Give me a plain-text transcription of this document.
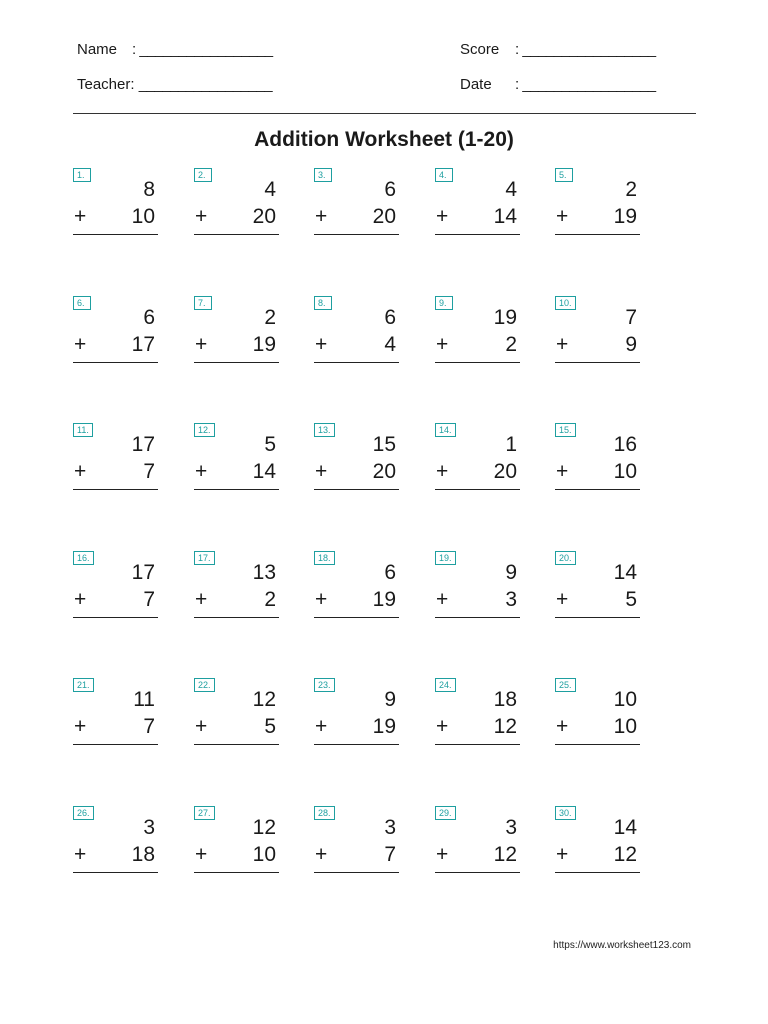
Name : _________________
Teacher: _________________
Score : _________________
Date : _________________
Addition Worksheet (1-20)
1.
8
+ 10
2.
4
+ 20
3.
6
+ 20
4.
4
+ 14
5.
2
+ 19
6.
6
+ 17
7.
2
+ 19
8.
6
+	4
9.
19
+	2
10.
7
+	9
11.
17
+	7
12.
5
+ 14
13.
15
+ 20
14.
1
+ 20
15.
16
+ 10
16.
17
+	7
17.
13
+	2
18.
6
+ 19
19.
9
+	3
20.
14
+	5
21.
11
+	7
22.
12
+	5
23.
9
+ 19
24.
18
+ 12
25.
10
+ 10
26.
3
+ 18
27.
12
+ 10
28.
3
+	7
29.
3
+ 12
30.
14
+ 12
https://www.worksheet123.com
